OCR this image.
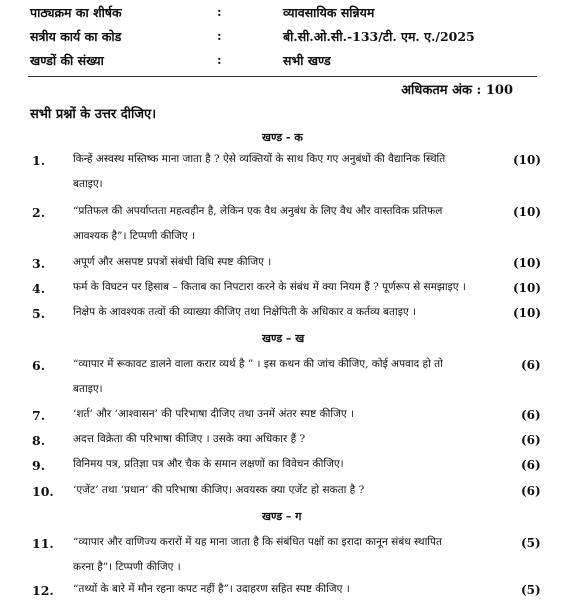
पाठ्यक्रम का शीर्षक	:	व्यावसायिक सन्नियम
सत्रीय कार्य का कोड	:	बी.सी.ओ.सी.-133/टी. एम. ए./2025
खण्डों की संख्या	:	सभी खण्ड
अधिकतम अंक : 100
सभी प्रश्नों के उत्तर दीजिए।
खण्ड - क
1.	किन्हें अस्वस्थ मस्तिष्क माना जाता है ? ऐसे व्यक्तियों के साथ किए गए अनुबंधों की वैद्यानिक स्थिति
बताइए।
(10)
2.	“प्रतिफल की अपर्याप्तता महत्वहीन है, लेकिन एक वैध अनुबंध के लिए वैध और वास्तविक प्रतिफल
आवश्यक है”। टिप्पणी कीजिए ।
(10)
3.	अपूर्ण और असपष्ट प्रपत्रों संबंधी विधि स्पष्ट कीजिए ।	(10)
4.	फर्म के विघटन पर हिसाब – किताब का निपटारा करने के संबंध में क्या नियम हैं ? पूर्णरूप से समझाइए ।	(10)
5.	निक्षेप के आवश्यक तत्वों की व्याख्या कीजिए तथा निक्षेपिती के अधिकार व कर्तव्य बताइए ।	(10)
खण्ड – ख
6.	“व्यापार में रूकावट डालने वाला करार व्यर्थ है ” । इस कथन की जांच कीजिए, कोई अपवाद हो तो
बताइए।
(6)
7.	‘शर्त’ और ‘आश्वासन’ की परिभाषा दीजिए तथा उनमें अंतर स्पष्ट कीजिए ।	(6)
8.	अदत्त विक्रेता की परिभाषा कीजिए । उसके क्या अधिकार हैं ?	(6)
9.	विनिमय पत्र, प्रतिज्ञा पत्र और चैक के समान लक्षणों का विवेचन कीजिए।	(6)
10. ‘एजेंट’ तथा ‘प्रधान’ की परिभाषा कीजिए। अवयस्क क्या एजेंट हो सकता है ?	(6)
खण्ड – ग
11. “व्यापार और वाणिज्य करारों में यह माना जाता है कि संबंधित पक्षों का इरादा कानून संबंध स्थापित
करना है”। टिप्पणी कीजिए ।
(5)
12. “तथ्यों के बारे में मौन रहना कपट नहीं है”। उदाहरण सहित स्पष्ट कीजिए ।	(5)
